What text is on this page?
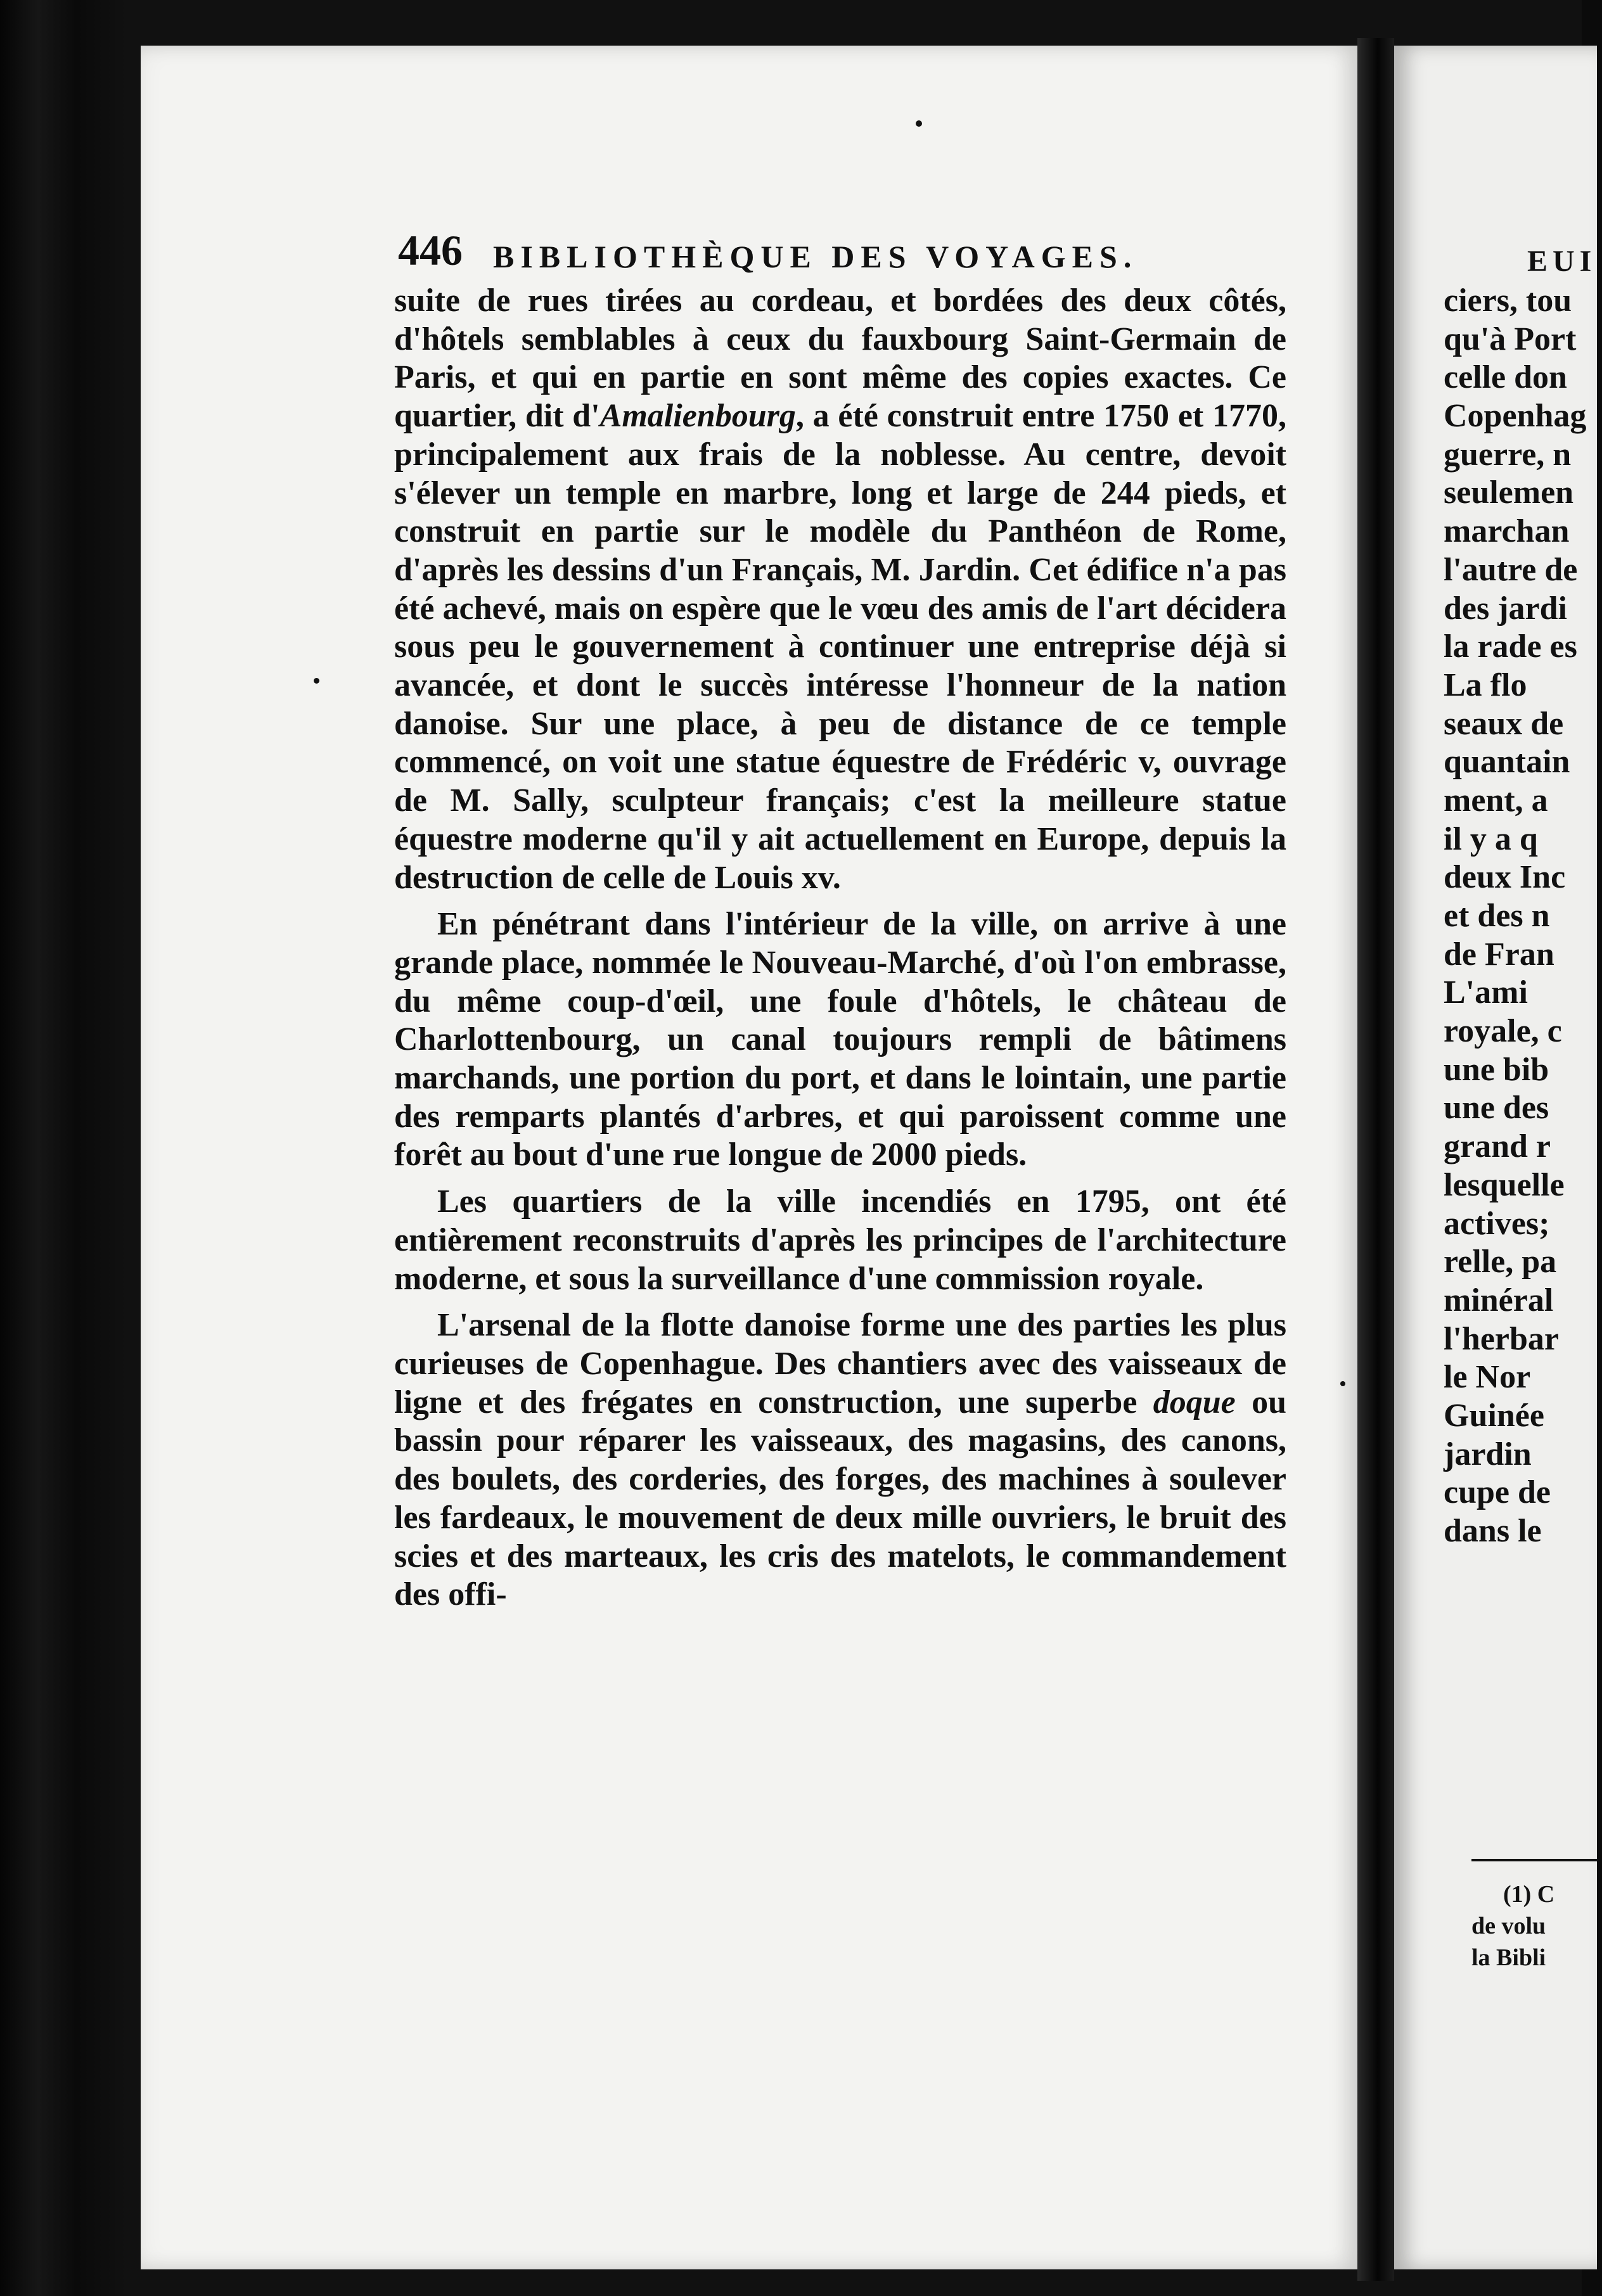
446 BIBLIOTHÈQUE DES VOYAGES.

suite de rues tirées au cordeau, et bordées des deux côtés, d'hôtels semblables à ceux du fauxbourg Saint-Germain de Paris, et qui en partie en sont même des copies exactes. Ce quartier, dit d'Amalienbourg, a été construit entre 1750 et 1770, principalement aux frais de la noblesse. Au centre, devoit s'élever un temple en marbre, long et large de 244 pieds, et construit en partie sur le modèle du Panthéon de Rome, d'après les dessins d'un Français, M. Jardin. Cet édifice n'a pas été achevé, mais on espère que le vœu des amis de l'art décidera sous peu le gouvernement à continuer une entreprise déjà si avancée, et dont le succès intéresse l'honneur de la nation danoise. Sur une place, à peu de distance de ce temple commencé, on voit une statue équestre de Frédéric v, ouvrage de M. Sally, sculpteur français; c'est la meilleure statue équestre moderne qu'il y ait actuellement en Europe, depuis la destruction de celle de Louis xv.

En pénétrant dans l'intérieur de la ville, on arrive à une grande place, nommée le Nouveau-Marché, d'où l'on embrasse, du même coup-d'œil, une foule d'hôtels, le château de Charlottenbourg, un canal toujours rempli de bâtimens marchands, une portion du port, et dans le lointain, une partie des remparts plantés d'arbres, et qui paroissent comme une forêt au bout d'une rue longue de 2000 pieds.

Les quartiers de la ville incendiés en 1795, ont été entièrement reconstruits d'après les principes de l'architecture moderne, et sous la surveillance d'une commission royale.

L'arsenal de la flotte danoise forme une des parties les plus curieuses de Copenhague. Des chantiers avec des vaisseaux de ligne et des frégates en construction, une superbe doque ou bassin pour réparer les vaisseaux, des magasins, des canons, des boulets, des corderies, des forges, des machines à soulever les fardeaux, le mouvement de deux mille ouvriers, le bruit des scies et des marteaux, les cris des matelots, le commandement des offi-

EUI
ciers, tou
qu'à Port
celle don
Copenhag
guerre, n
seulemen
marchan
l'autre de
des jardi
la rade es
La flo
seaux de
quantain
ment, a
il y a q
deux Inc
et des n
de Fran
L'ami
royale, c
une bib
une des
grand r
lesquelle
actives;
relle, pa
minéral
l'herbar
le Nor
Guinée
jardin
cupe de
dans le
(1) C
de volu
la Bibli
